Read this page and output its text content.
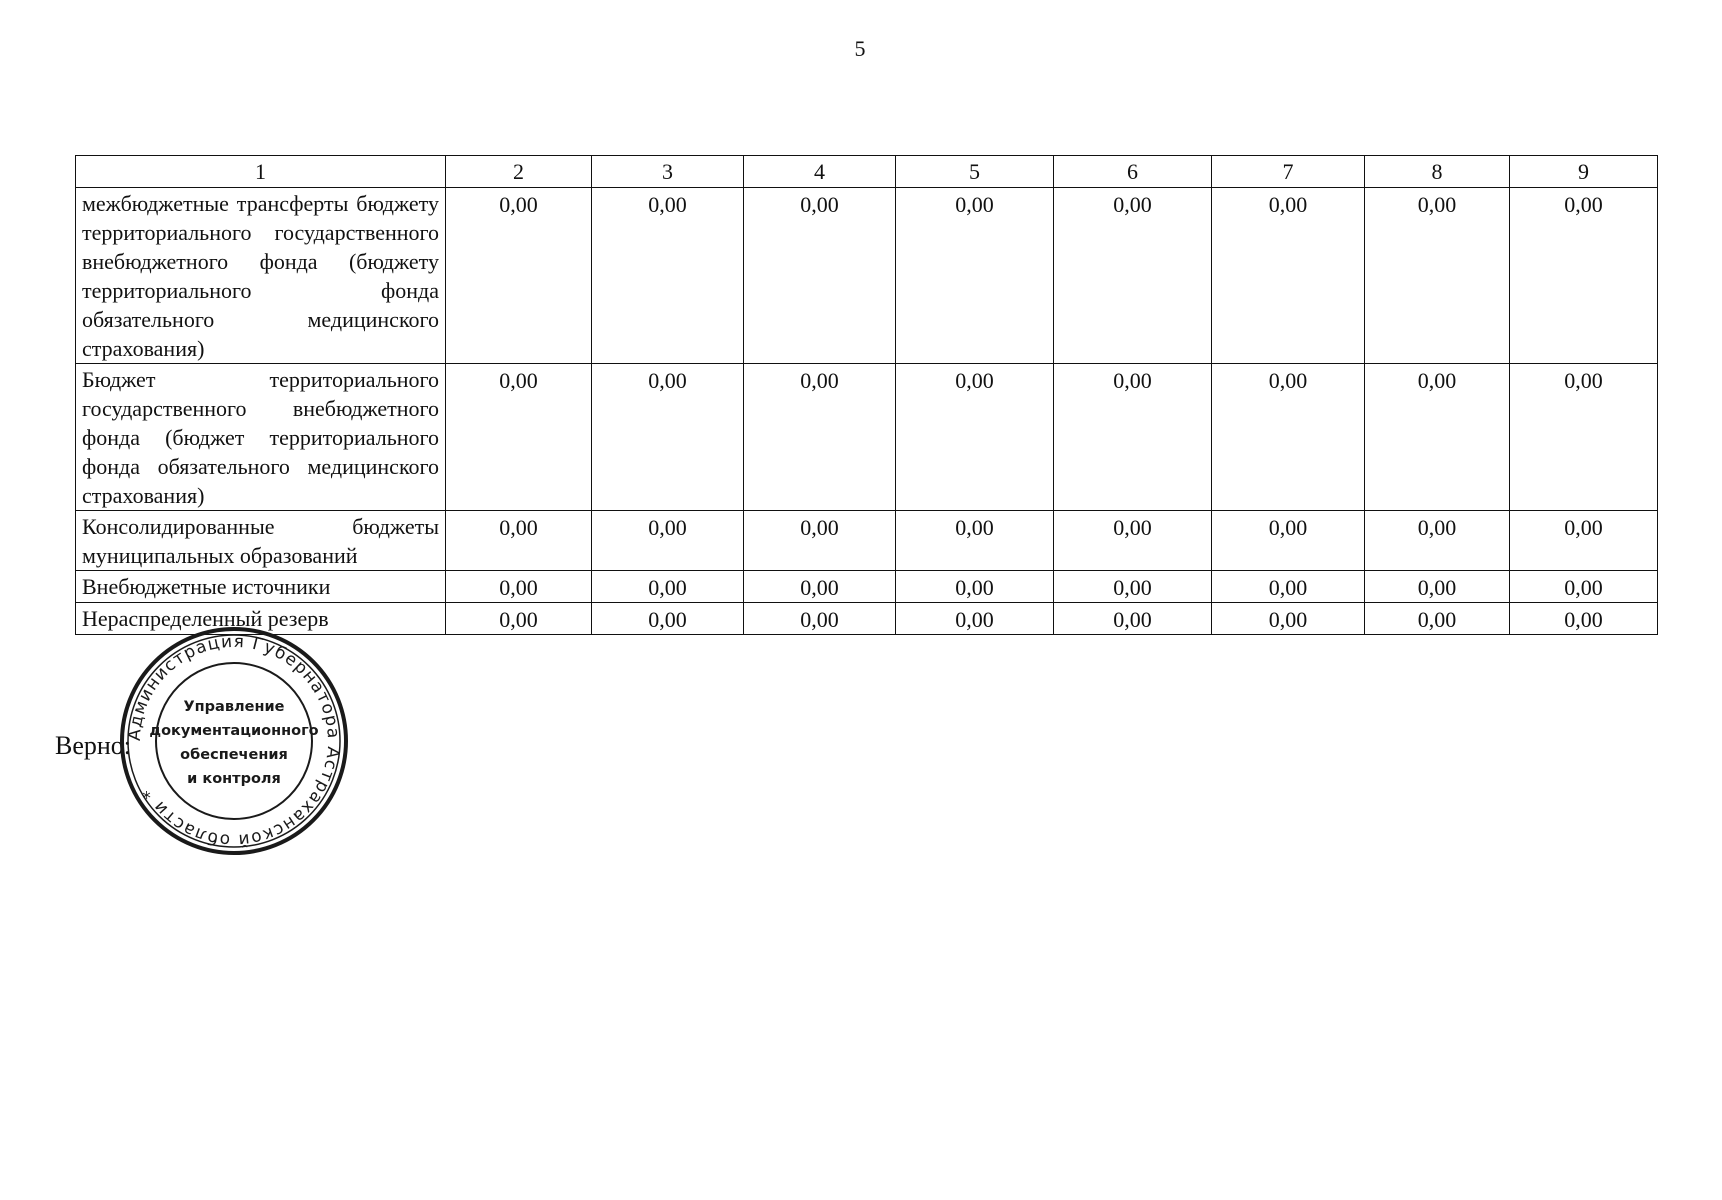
5
1	2	3	4	5	6	7	8	9
межбюджетные трансферты бюджету территориального государственного внебюджетного фонда (бюджету территориального фонда обязательного медицинского страхования)	0,00	0,00	0,00	0,00	0,00	0,00	0,00	0,00
Бюджет территориального государственного внебюджетного фонда (бюджет территориального фонда обязательного медицинского страхования)	0,00	0,00	0,00	0,00	0,00	0,00	0,00	0,00
Консолидированные бюджеты муниципальных образований	0,00	0,00	0,00	0,00	0,00	0,00	0,00	0,00
Внебюджетные источники	0,00	0,00	0,00	0,00	0,00	0,00	0,00	0,00
Нераспределенный резерв	0,00	0,00	0,00	0,00	0,00	0,00	0,00	0,00
Верно:
Администрация Губернатора Астраханской области *
Управление
документационного
обеспечения
и контроля
